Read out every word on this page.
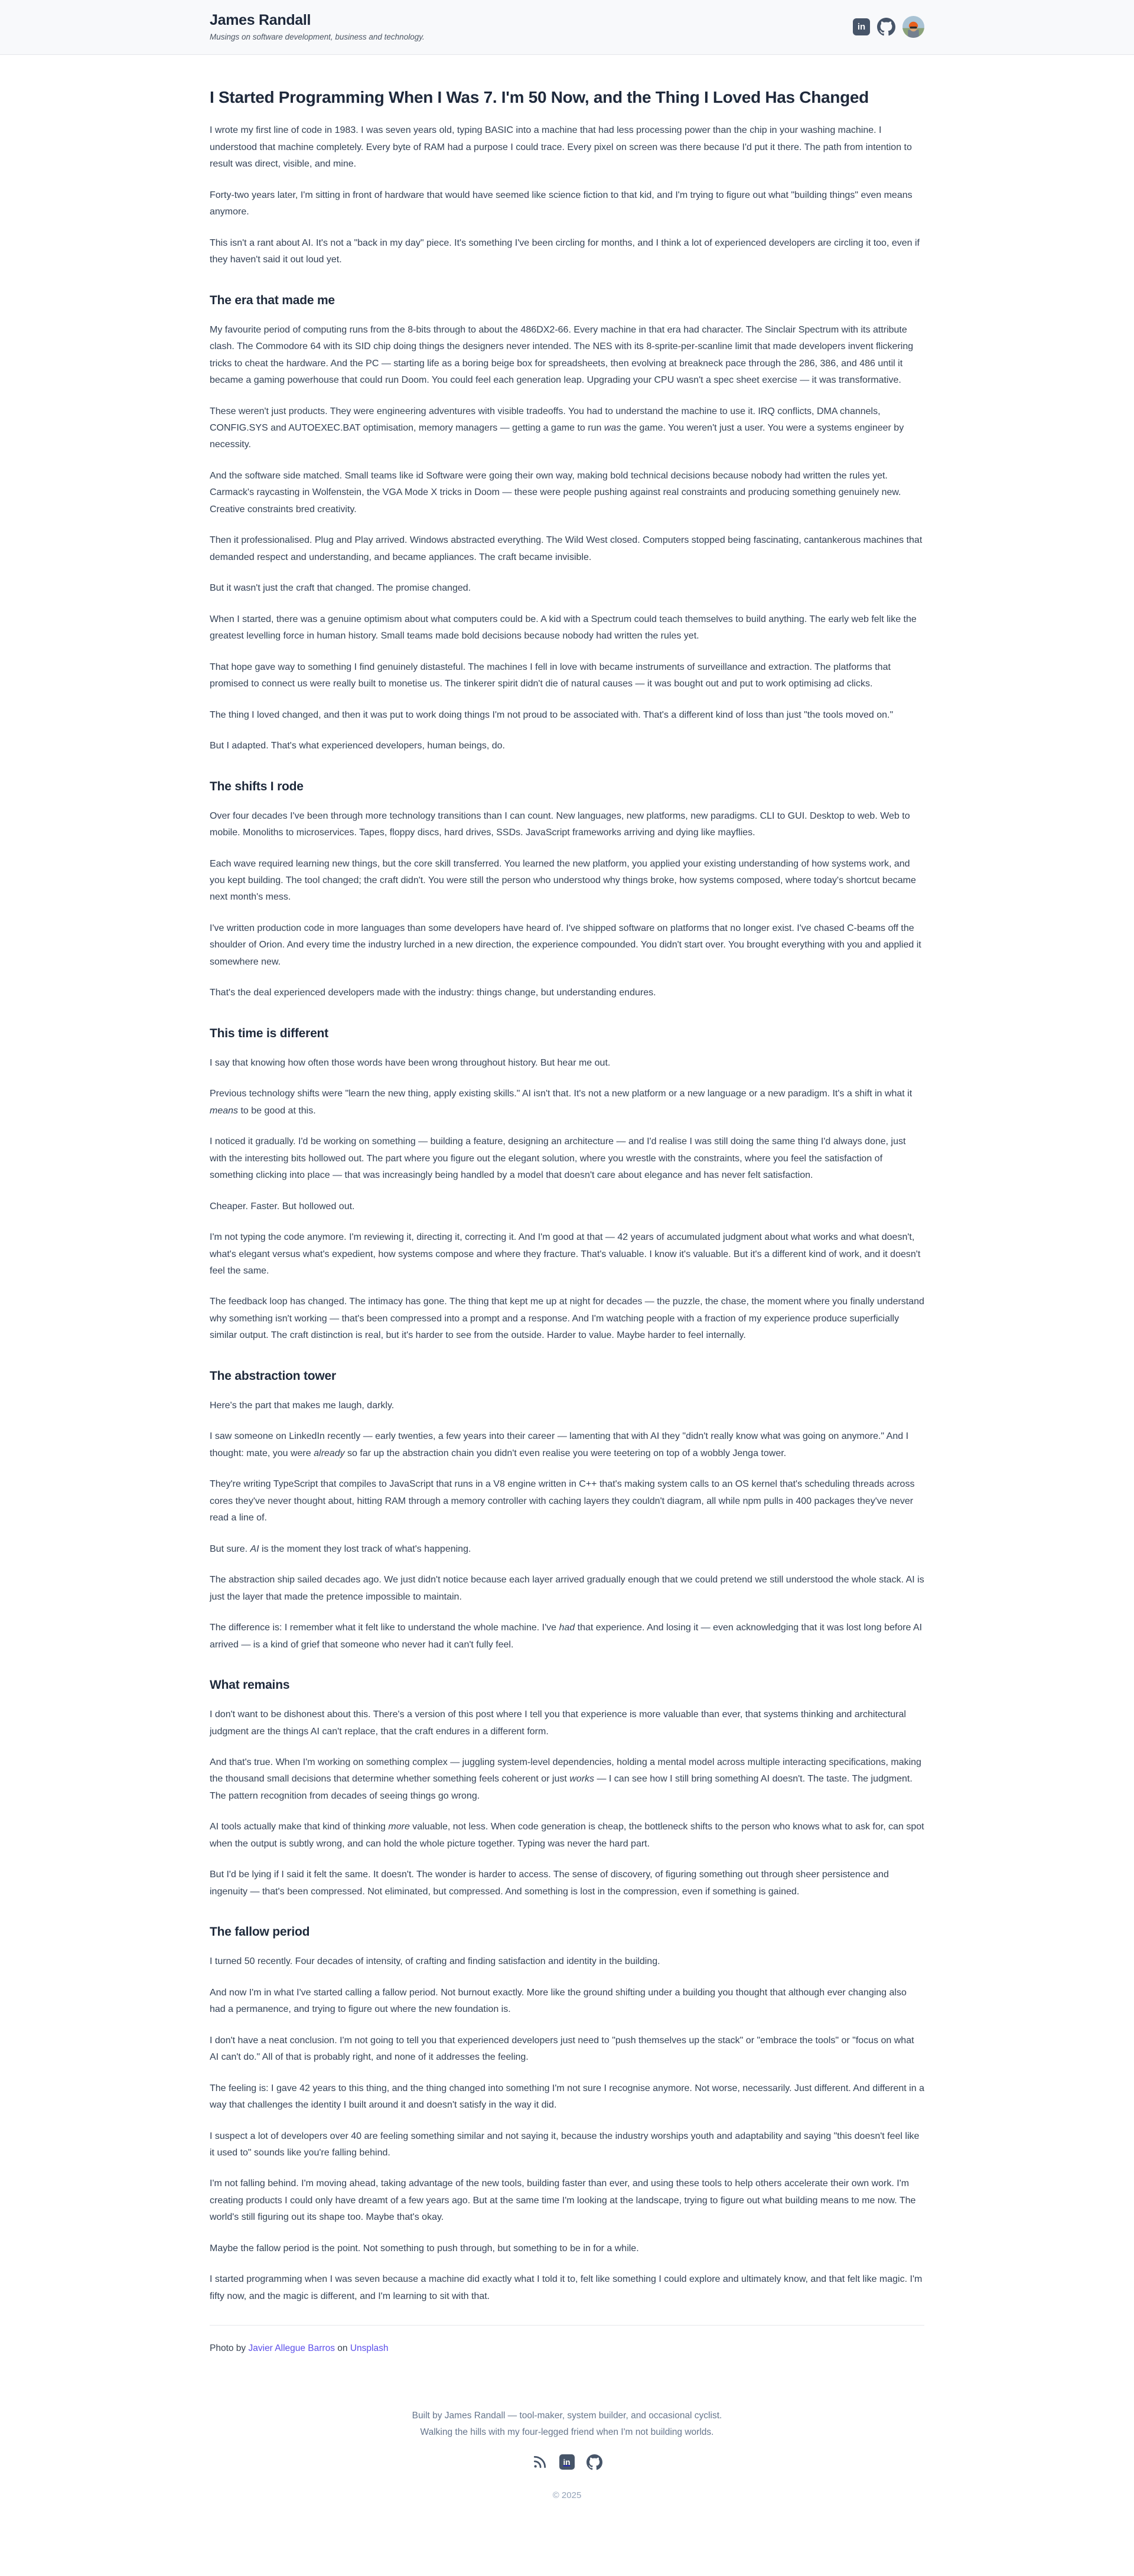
James Randall
Musings on software development, business and technology.
in
I Started Programming When I Was 7. I'm 50 Now, and the Thing I Loved Has Changed

I wrote my first line of code in 1983. I was seven years old, typing BASIC into a machine that had less processing power than the chip in your washing machine. I understood that machine completely. Every byte of RAM had a purpose I could trace. Every pixel on screen was there because I'd put it there. The path from intention to result was direct, visible, and mine.

Forty-two years later, I'm sitting in front of hardware that would have seemed like science fiction to that kid, and I'm trying to figure out what "building things" even means anymore.

This isn't a rant about AI. It's not a "back in my day" piece. It's something I've been circling for months, and I think a lot of experienced developers are circling it too, even if they haven't said it out loud yet.

The era that made me

My favourite period of computing runs from the 8-bits through to about the 486DX2-66. Every machine in that era had character. The Sinclair Spectrum with its attribute clash. The Commodore 64 with its SID chip doing things the designers never intended. The NES with its 8-sprite-per-scanline limit that made developers invent flickering tricks to cheat the hardware. And the PC — starting life as a boring beige box for spreadsheets, then evolving at breakneck pace through the 286, 386, and 486 until it became a gaming powerhouse that could run Doom. You could feel each generation leap. Upgrading your CPU wasn't a spec sheet exercise — it was transformative.

These weren't just products. They were engineering adventures with visible tradeoffs. You had to understand the machine to use it. IRQ conflicts, DMA channels, CONFIG.SYS and AUTOEXEC.BAT optimisation, memory managers — getting a game to run was the game. You weren't just a user. You were a systems engineer by necessity.

And the software side matched. Small teams like id Software were going their own way, making bold technical decisions because nobody had written the rules yet. Carmack's raycasting in Wolfenstein, the VGA Mode X tricks in Doom — these were people pushing against real constraints and producing something genuinely new. Creative constraints bred creativity.

Then it professionalised. Plug and Play arrived. Windows abstracted everything. The Wild West closed. Computers stopped being fascinating, cantankerous machines that demanded respect and understanding, and became appliances. The craft became invisible.

But it wasn't just the craft that changed. The promise changed.

When I started, there was a genuine optimism about what computers could be. A kid with a Spectrum could teach themselves to build anything. The early web felt like the greatest levelling force in human history. Small teams made bold decisions because nobody had written the rules yet.

That hope gave way to something I find genuinely distasteful. The machines I fell in love with became instruments of surveillance and extraction. The platforms that promised to connect us were really built to monetise us. The tinkerer spirit didn't die of natural causes — it was bought out and put to work optimising ad clicks.

The thing I loved changed, and then it was put to work doing things I'm not proud to be associated with. That's a different kind of loss than just "the tools moved on."

But I adapted. That's what experienced developers, human beings, do.

The shifts I rode

Over four decades I've been through more technology transitions than I can count. New languages, new platforms, new paradigms. CLI to GUI. Desktop to web. Web to mobile. Monoliths to microservices. Tapes, floppy discs, hard drives, SSDs. JavaScript frameworks arriving and dying like mayflies.

Each wave required learning new things, but the core skill transferred. You learned the new platform, you applied your existing understanding of how systems work, and you kept building. The tool changed; the craft didn't. You were still the person who understood why things broke, how systems composed, where today's shortcut became next month's mess.

I've written production code in more languages than some developers have heard of. I've shipped software on platforms that no longer exist. I've chased C-beams off the shoulder of Orion. And every time the industry lurched in a new direction, the experience compounded. You didn't start over. You brought everything with you and applied it somewhere new.

That's the deal experienced developers made with the industry: things change, but understanding endures.

This time is different

I say that knowing how often those words have been wrong throughout history. But hear me out.

Previous technology shifts were "learn the new thing, apply existing skills." AI isn't that. It's not a new platform or a new language or a new paradigm. It's a shift in what it means to be good at this.

I noticed it gradually. I'd be working on something — building a feature, designing an architecture — and I'd realise I was still doing the same thing I'd always done, just with the interesting bits hollowed out. The part where you figure out the elegant solution, where you wrestle with the constraints, where you feel the satisfaction of something clicking into place — that was increasingly being handled by a model that doesn't care about elegance and has never felt satisfaction.

Cheaper. Faster. But hollowed out.

I'm not typing the code anymore. I'm reviewing it, directing it, correcting it. And I'm good at that — 42 years of accumulated judgment about what works and what doesn't, what's elegant versus what's expedient, how systems compose and where they fracture. That's valuable. I know it's valuable. But it's a different kind of work, and it doesn't feel the same.

The feedback loop has changed. The intimacy has gone. The thing that kept me up at night for decades — the puzzle, the chase, the moment where you finally understand why something isn't working — that's been compressed into a prompt and a response. And I'm watching people with a fraction of my experience produce superficially similar output. The craft distinction is real, but it's harder to see from the outside. Harder to value. Maybe harder to feel internally.

The abstraction tower

Here's the part that makes me laugh, darkly.

I saw someone on LinkedIn recently — early twenties, a few years into their career — lamenting that with AI they "didn't really know what was going on anymore." And I thought: mate, you were already so far up the abstraction chain you didn't even realise you were teetering on top of a wobbly Jenga tower.

They're writing TypeScript that compiles to JavaScript that runs in a V8 engine written in C++ that's making system calls to an OS kernel that's scheduling threads across cores they've never thought about, hitting RAM through a memory controller with caching layers they couldn't diagram, all while npm pulls in 400 packages they've never read a line of.

But sure. AI is the moment they lost track of what's happening.

The abstraction ship sailed decades ago. We just didn't notice because each layer arrived gradually enough that we could pretend we still understood the whole stack. AI is just the layer that made the pretence impossible to maintain.

The difference is: I remember what it felt like to understand the whole machine. I've had that experience. And losing it — even acknowledging that it was lost long before AI arrived — is a kind of grief that someone who never had it can't fully feel.

What remains

I don't want to be dishonest about this. There's a version of this post where I tell you that experience is more valuable than ever, that systems thinking and architectural judgment are the things AI can't replace, that the craft endures in a different form.

And that's true. When I'm working on something complex — juggling system-level dependencies, holding a mental model across multiple interacting specifications, making the thousand small decisions that determine whether something feels coherent or just works — I can see how I still bring something AI doesn't. The taste. The judgment. The pattern recognition from decades of seeing things go wrong.

AI tools actually make that kind of thinking more valuable, not less. When code generation is cheap, the bottleneck shifts to the person who knows what to ask for, can spot when the output is subtly wrong, and can hold the whole picture together. Typing was never the hard part.

But I'd be lying if I said it felt the same. It doesn't. The wonder is harder to access. The sense of discovery, of figuring something out through sheer persistence and ingenuity — that's been compressed. Not eliminated, but compressed. And something is lost in the compression, even if something is gained.

The fallow period

I turned 50 recently. Four decades of intensity, of crafting and finding satisfaction and identity in the building.

And now I'm in what I've started calling a fallow period. Not burnout exactly. More like the ground shifting under a building you thought that although ever changing also had a permanence, and trying to figure out where the new foundation is.

I don't have a neat conclusion. I'm not going to tell you that experienced developers just need to "push themselves up the stack" or "embrace the tools" or "focus on what AI can't do." All of that is probably right, and none of it addresses the feeling.

The feeling is: I gave 42 years to this thing, and the thing changed into something I'm not sure I recognise anymore. Not worse, necessarily. Just different. And different in a way that challenges the identity I built around it and doesn't satisfy in the way it did.

I suspect a lot of developers over 40 are feeling something similar and not saying it, because the industry worships youth and adaptability and saying "this doesn't feel like it used to" sounds like you're falling behind.

I'm not falling behind. I'm moving ahead, taking advantage of the new tools, building faster than ever, and using these tools to help others accelerate their own work. I'm creating products I could only have dreamt of a few years ago. But at the same time I'm looking at the landscape, trying to figure out what building means to me now. The world's still figuring out its shape too. Maybe that's okay.

Maybe the fallow period is the point. Not something to push through, but something to be in for a while.

I started programming when I was seven because a machine did exactly what I told it to, felt like something I could explore and ultimately know, and that felt like magic. I'm fifty now, and the magic is different, and I'm learning to sit with that.

Photo by Javier Allegue Barros on Unsplash

Built by James Randall — tool-maker, system builder, and occasional cyclist.

Walking the hills with my four-legged friend when I'm not building worlds.

in
© 2025
